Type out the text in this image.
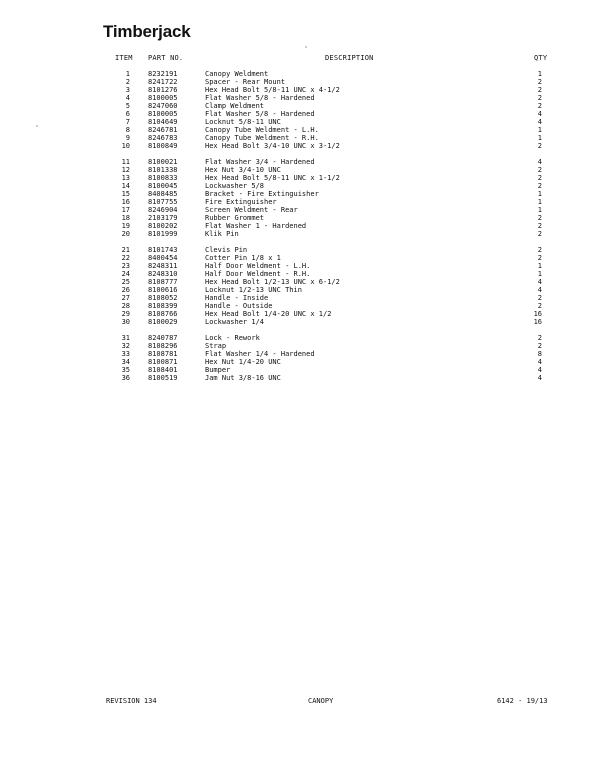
Timberjack
ITEM PART NO.	DESCRIPTION	QTY
1	8232191	Canopy Weldment	1
2	8241722	Spacer - Rear Mount	2
3	8101276	Hex Head Bolt 5/8-11 UNC x 4-1/2	2
4	8100005	Flat Washer 5/8 - Hardened	2
5	8247060	Clamp Weldment	2
6	8100005	Flat Washer 5/8 - Hardened	4
7	8104649	Locknut 5/8-11 UNC	4
8	8246781	Canopy Tube Weldment - L.H.	1
9	8246783	Canopy Tube Weldment - R.H.	1
10	8100849	Hex Head Bolt 3/4-10 UNC x 3-1/2	2
11	8100021	Flat Washer 3/4 - Hardened	4
12	8101338	Hex Nut 3/4-10 UNC	2
13	8100833	Hex Head Bolt 5/8-11 UNC x 1-1/2	2
14	8100045	Lockwasher 5/8	2
15	8408485	Bracket - Fire Extinguisher	1
16	8107755	Fire Extinguisher	1
17	8246904	Screen Weldment - Rear	1
18	2103179	Rubber Grommet	2
19	8100202	Flat Washer 1 - Hardened	2
20	8101999	Klik Pin	2
21	8101743	Clevis Pin	2
22	8400454	Cotter Pin 1/8 x 1	2
23	8248311	Half Door Weldment - L.H.	1
24	8248310	Half Door Weldment - R.H.	1
25	8108777	Hex Head Bolt 1/2-13 UNC x 6-1/2	4
26	8100616	Locknut 1/2-13 UNC Thin	4
27	8108052	Handle - Inside	2
28	8108399	Handle - Outside	2
29	8108766	Hex Head Bolt 1/4-20 UNC x 1/2	16
30	8100029	Lockwasher 1/4	16
31	8240787	Lock - Rework	2
32	8108296	Strap	2
33	8108781	Flat Washer 1/4 - Hardened	8
34	8100871	Hex Nut 1/4-20 UNC	4
35	8108401	Bumper	4
36	8100519	Jam Nut 3/8-16 UNC	4
REVISION 134	CANOPY	6142 - 19/13
